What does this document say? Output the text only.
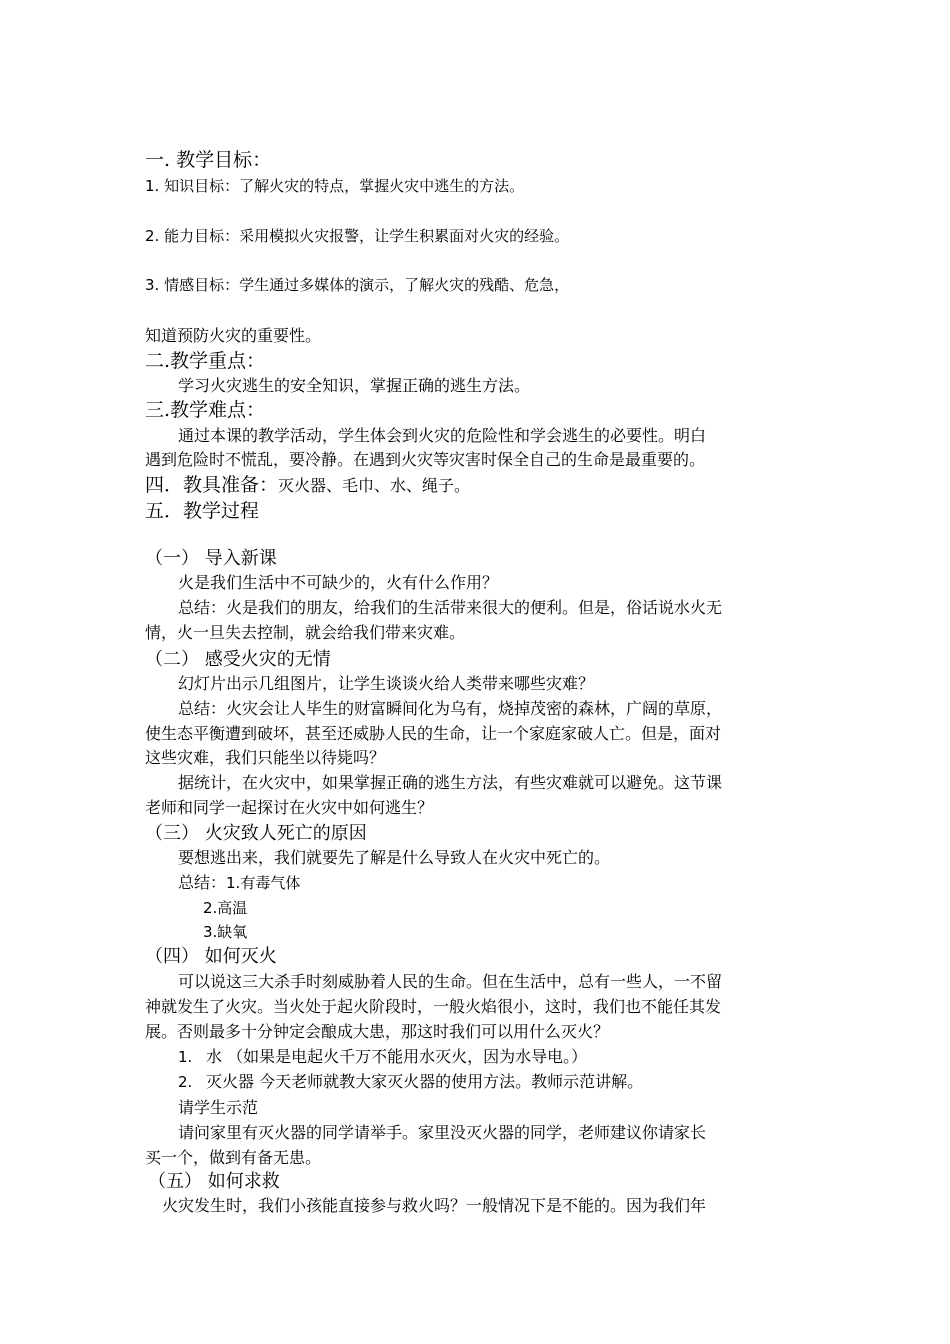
一. 教学目标：
1. 知识目标：了解火灾的特点，掌握火灾中逃生的方法。
2. 能力目标：采用模拟火灾报警，让学生积累面对火灾的经验。
3. 情感目标：学生通过多媒体的演示，了解火灾的残酷、危急，
知道预防火灾的重要性。
二.教学重点：
学习火灾逃生的安全知识，掌握正确的逃生方法。
三.教学难点：
通过本课的教学活动，学生体会到火灾的危险性和学会逃生的必要性。明白
遇到危险时不慌乱，要冷静。在遇到火灾等灾害时保全自己的生命是最重要的。
四．教具准备：灭火器、毛巾、水、绳子。
五．教学过程
（一） 导入新课
火是我们生活中不可缺少的，火有什么作用？
总结：火是我们的朋友，给我们的生活带来很大的便利。但是，俗话说水火无
情，火一旦失去控制，就会给我们带来灾难。
（二） 感受火灾的无情
幻灯片出示几组图片，让学生谈谈火给人类带来哪些灾难？
总结：火灾会让人毕生的财富瞬间化为乌有，烧掉茂密的森林，广阔的草原，
使生态平衡遭到破坏，甚至还威胁人民的生命，让一个家庭家破人亡。但是，面对
这些灾难，我们只能坐以待毙吗？
据统计，在火灾中，如果掌握正确的逃生方法，有些灾难就可以避免。这节课
老师和同学一起探讨在火灾中如何逃生？
（三） 火灾致人死亡的原因
要想逃出来，我们就要先了解是什么导致人在火灾中死亡的。
总结：1.有毒气体
2.高温
3.缺氧
（四） 如何灭火
可以说这三大杀手时刻威胁着人民的生命。但在生活中，总有一些人，一不留
神就发生了火灾。当火处于起火阶段时，一般火焰很小，这时，我们也不能任其发
展。否则最多十分钟定会酿成大患，那这时我们可以用什么灭火？
1. 水 （如果是电起火千万不能用水灭火，因为水导电。）
2. 灭火器 今天老师就教大家灭火器的使用方法。教师示范讲解。
请学生示范
请问家里有灭火器的同学请举手。家里没灭火器的同学，老师建议你请家长
买一个，做到有备无患。
（五） 如何求救
火灾发生时，我们小孩能直接参与救火吗？一般情况下是不能的。因为我们年
